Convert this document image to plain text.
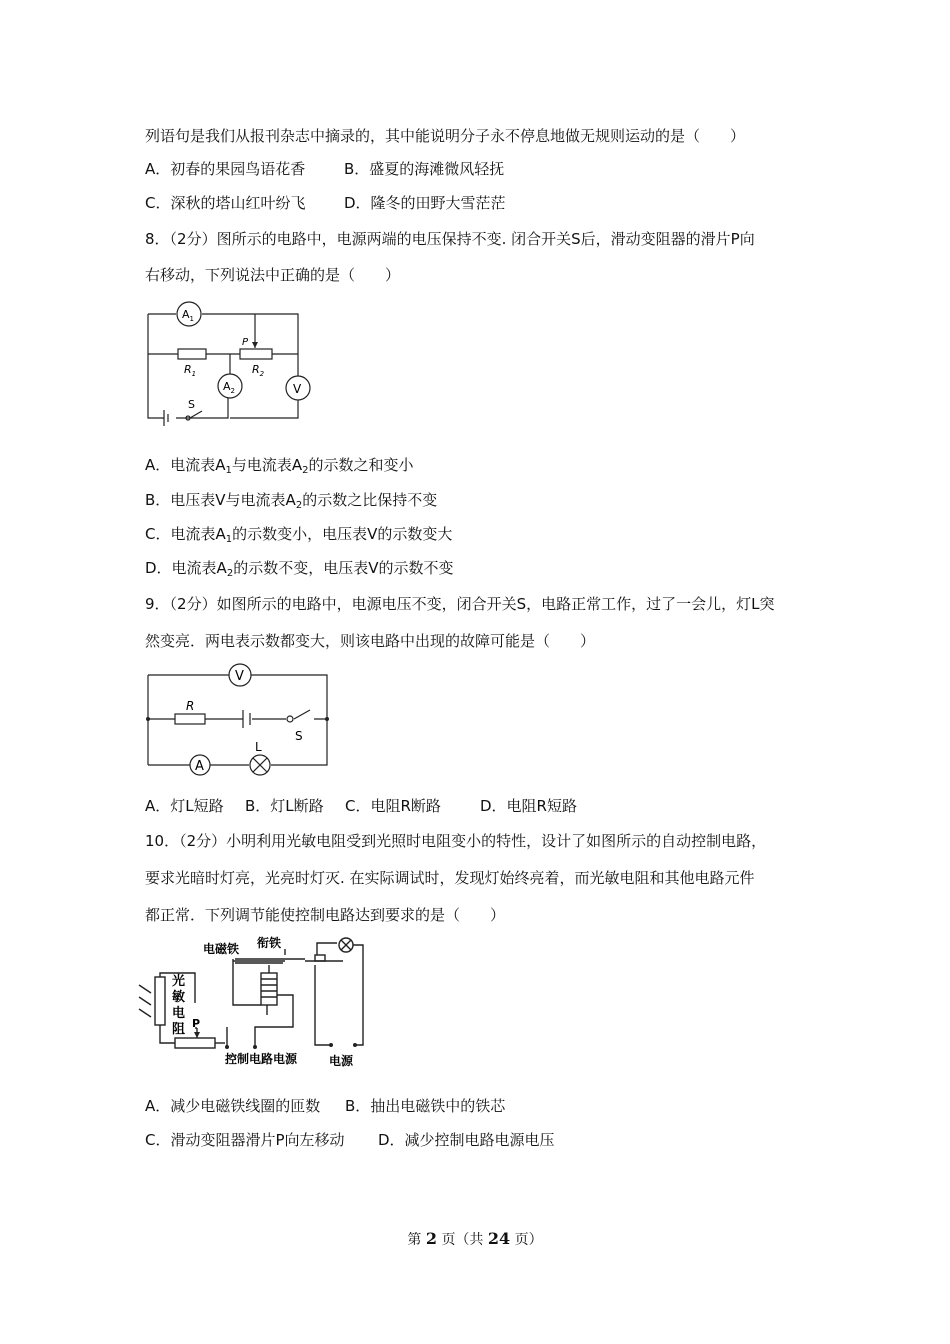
列语句是我们从报刊杂志中摘录的，其中能说明分子永不停息地做无规则运动的是（　　）
A．初春的果园鸟语花香	B．盛夏的海滩微风轻抚
C．深秋的塔山红叶纷飞	D．隆冬的田野大雪茫茫
8．（2分）图所示的电路中，电源两端的电压保持不变. 闭合开关S后，滑动变阻器的滑片P向
右移动，下列说法中正确的是（　　）
$A_1$
$A_2$	V
P
$R_1$	$R_2$
S
A．电流表$A_1$与电流表$A_2$的示数之和变小
B．电压表V与电流表$A_2$的示数之比保持不变
C．电流表$A_1$的示数变小，电压表V的示数变大
D．电流表$A_2$的示数不变，电压表V的示数不变
9．（2分）如图所示的电路中，电源电压不变，闭合开关S，电路正常工作，过了一会儿，灯L突
然变亮．两电表示数都变大，则该电路中出现的故障可能是（　　）
V
R
S
L
A
A．灯L短路 B．灯L断路 C．电阻R断路	D．电阻R短路
10．（2分）小明利用光敏电阻受到光照时电阻变小的特性，设计了如图所示的自动控制电路，
要求光暗时灯亮，光亮时灯灭. 在实际调试时，发现灯始终亮着，而光敏电阻和其他电路元件
都正常．下列调节能使控制电路达到要求的是（　　）
电磁铁 衔铁
光
敏
电
阻 P
控制电路电源	电源
A．减少电磁铁线圈的匝数 B．抽出电磁铁中的铁芯
C．滑动变阻器滑片P向左移动 D．减少控制电路电源电压
第 2 页（共 24 页）
